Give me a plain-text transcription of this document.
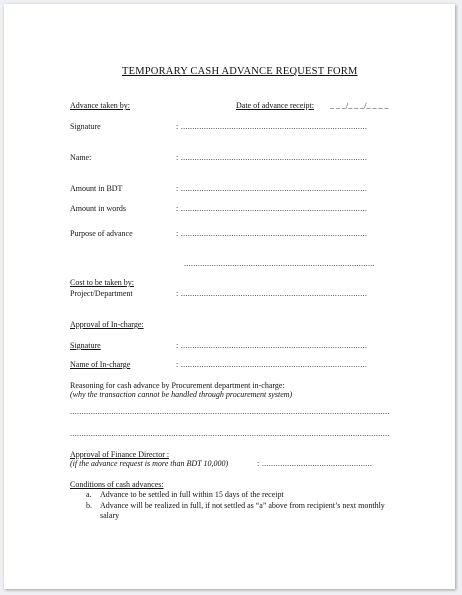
TEMPORARY CASH ADVANCE REQUEST FORM
Advance taken by:	Date of advance receipt: _ _ _/_ _ _/_ _ _ _
Signature	: .................................................................................
Name:	: .................................................................................
Amount in BDT	: .................................................................................
Amount in words	: .................................................................................
Purpose of advance	: .................................................................................
...................................................................................
Cost to be taken by:
Project/Department	: .................................................................................
Approval of In-charge:
Signature	: .................................................................................
Name of In-charge	: .................................................................................
Reasoning for cash advance by Procurement department in-charge:
(why the transaction cannot be handled through procurement system)
...........................................................................................................................................
...........................................................................................................................................
Approval of Finance Director :
(if the advance request is more than BDT 10,000)	: ................................................
Conditions of cash advances:
a. Advance to be settled in full within 15 days of the receipt
b. Advance will be realized in full, if not settled as “a” above from recipient’s next monthly
salary
